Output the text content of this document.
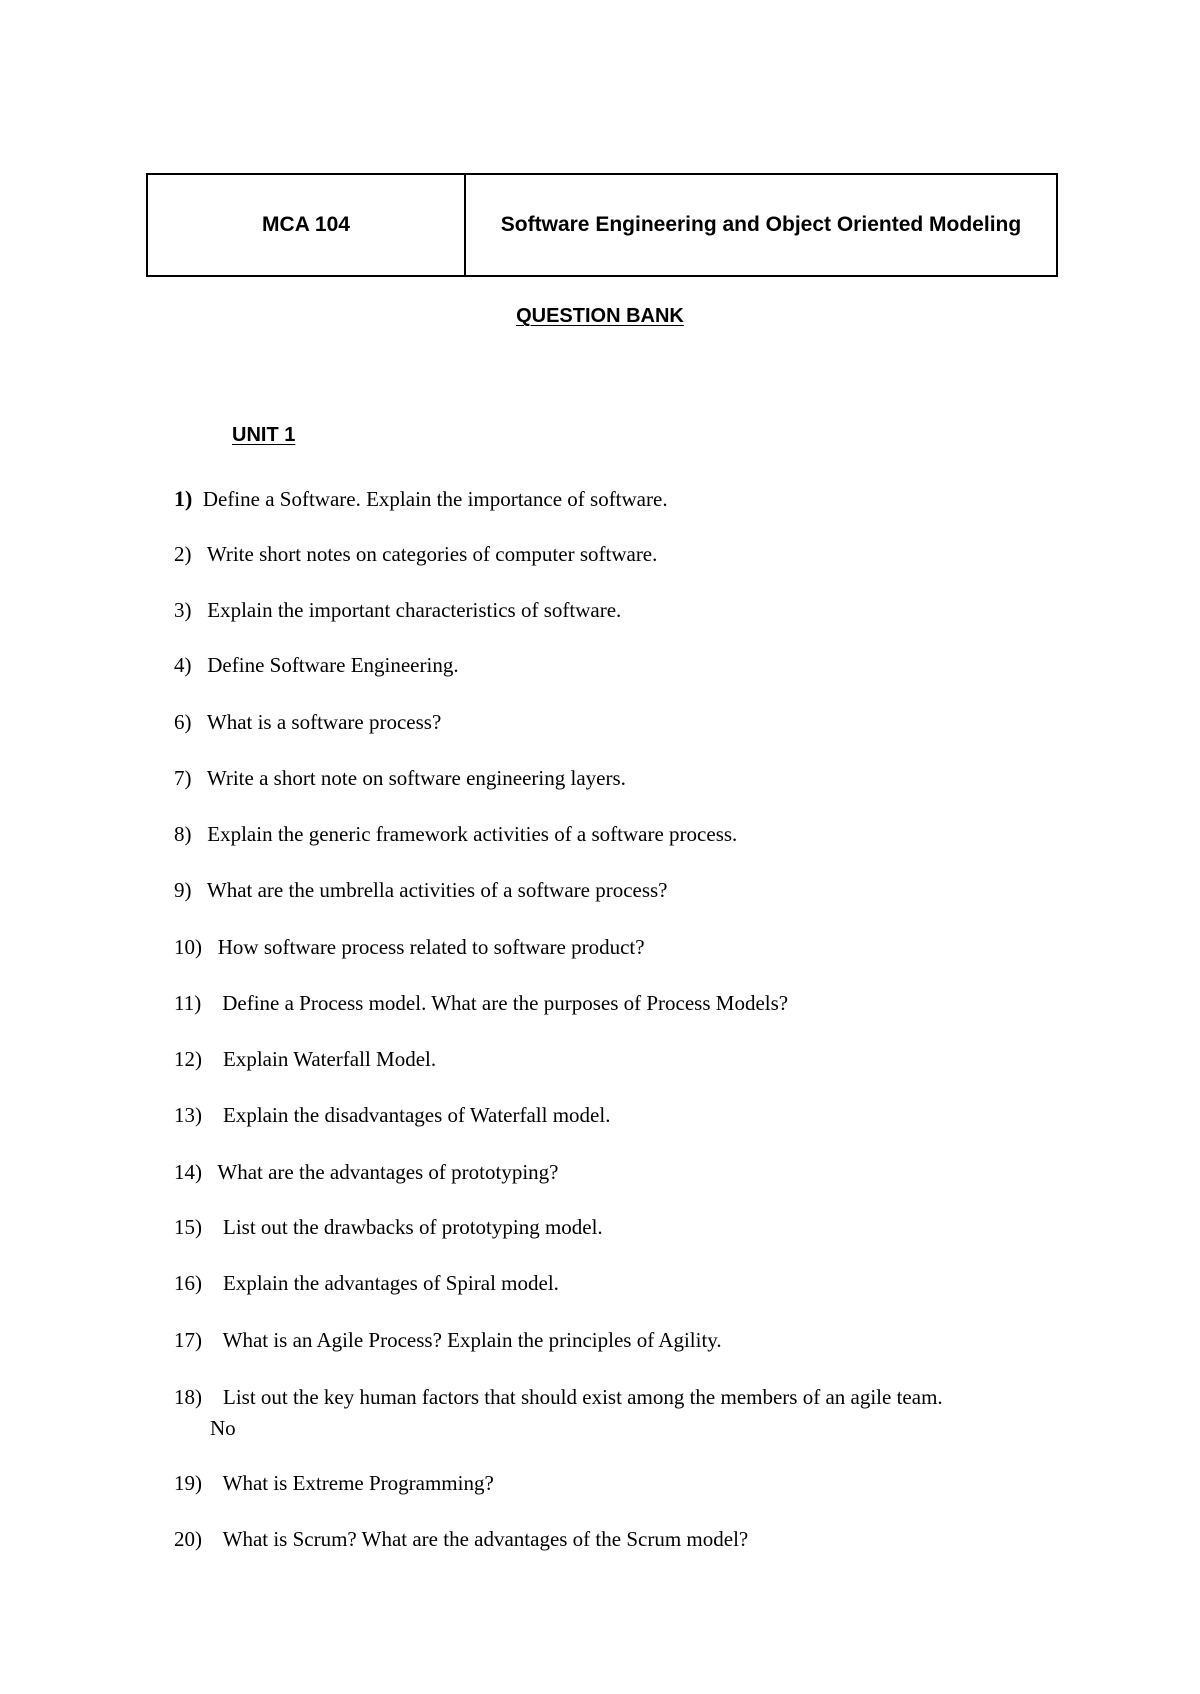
MCA 104	Software Engineering and Object Oriented Modeling
QUESTION BANK
UNIT 1
1) Define a Software. Explain the importance of software.
2) Write short notes on categories of computer software.
3) Explain the important characteristics of software.
4) Define Software Engineering.
6) What is a software process?
7) Write a short note on software engineering layers.
8) Explain the generic framework activities of a software process.
9) What are the umbrella activities of a software process?
10) How software process related to software product?
11) Define a Process model. What are the purposes of Process Models?
12) Explain Waterfall Model.
13) Explain the disadvantages of Waterfall model.
14) What are the advantages of prototyping?
15) List out the drawbacks of prototyping model.
16) Explain the advantages of Spiral model.
17) What is an Agile Process? Explain the principles of Agility.
18) List out the key human factors that should exist among the members of an agile team.
No
19) What is Extreme Programming?
20) What is Scrum? What are the advantages of the Scrum model?
